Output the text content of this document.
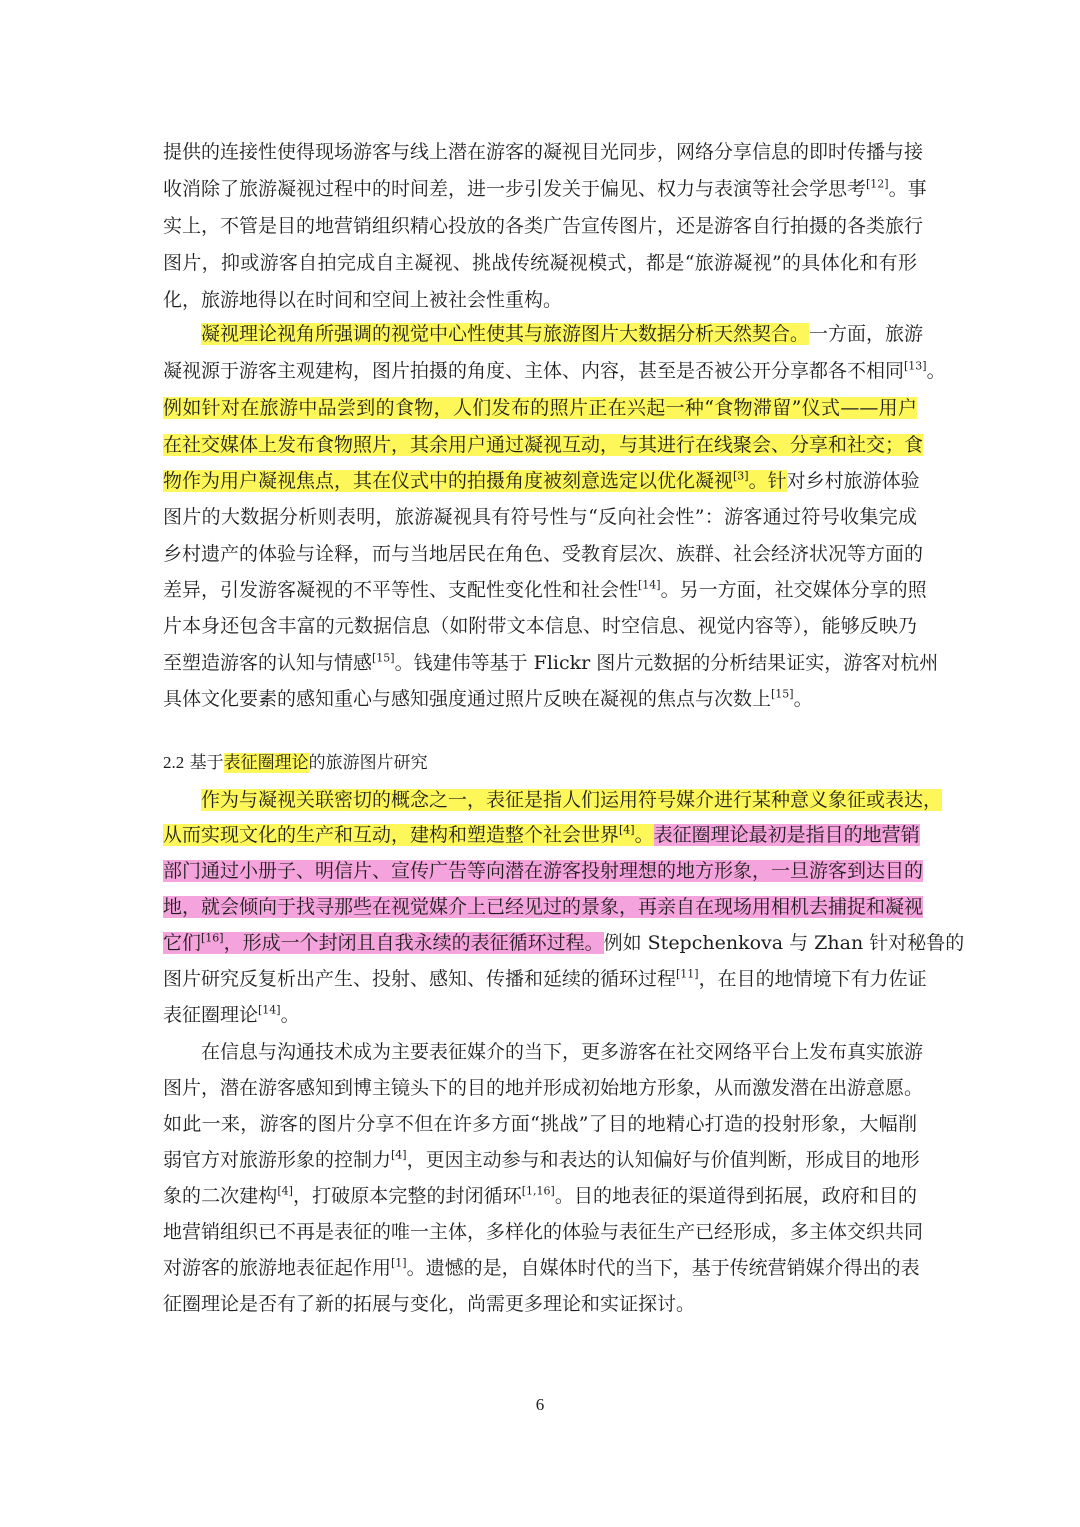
提供的连接性使得现场游客与线上潜在游客的凝视目光同步，网络分享信息的即时传播与接
收消除了旅游凝视过程中的时间差，进一步引发关于偏见、权力与表演等社会学思考[12]。事
实上，不管是目的地营销组织精心投放的各类广告宣传图片，还是游客自行拍摄的各类旅行
图片，抑或游客自拍完成自主凝视、挑战传统凝视模式，都是“旅游凝视”的具体化和有形
化，旅游地得以在时间和空间上被社会性重构。
凝视理论视角所强调的视觉中心性使其与旅游图片大数据分析天然契合。一方面，旅游
凝视源于游客主观建构，图片拍摄的角度、主体、内容，甚至是否被公开分享都各不相同[13]。
例如针对在旅游中品尝到的食物，人们发布的照片正在兴起一种“食物滞留”仪式——用户
在社交媒体上发布食物照片，其余用户通过凝视互动，与其进行在线聚会、分享和社交；食
物作为用户凝视焦点，其在仪式中的拍摄角度被刻意选定以优化凝视[3]。针对乡村旅游体验
图片的大数据分析则表明，旅游凝视具有符号性与“反向社会性”：游客通过符号收集完成
乡村遗产的体验与诠释，而与当地居民在角色、受教育层次、族群、社会经济状况等方面的
差异，引发游客凝视的不平等性、支配性变化性和社会性[14]。另一方面，社交媒体分享的照
片本身还包含丰富的元数据信息（如附带文本信息、时空信息、视觉内容等），能够反映乃
至塑造游客的认知与情感[15]。钱建伟等基于 Flickr 图片元数据的分析结果证实，游客对杭州
具体文化要素的感知重心与感知强度通过照片反映在凝视的焦点与次数上[15]。
2.2 基于表征圈理论的旅游图片研究
作为与凝视关联密切的概念之一，表征是指人们运用符号媒介进行某种意义象征或表达，
从而实现文化的生产和互动，建构和塑造整个社会世界[4]。表征圈理论最初是指目的地营销
部门通过小册子、明信片、宣传广告等向潜在游客投射理想的地方形象，一旦游客到达目的
地，就会倾向于找寻那些在视觉媒介上已经见过的景象，再亲自在现场用相机去捕捉和凝视
它们[16]，形成一个封闭且自我永续的表征循环过程。例如 Stepchenkova 与 Zhan 针对秘鲁的
图片研究反复析出产生、投射、感知、传播和延续的循环过程[11]，在目的地情境下有力佐证
表征圈理论[14]。
在信息与沟通技术成为主要表征媒介的当下，更多游客在社交网络平台上发布真实旅游
图片，潜在游客感知到博主镜头下的目的地并形成初始地方形象，从而激发潜在出游意愿。
如此一来，游客的图片分享不但在许多方面“挑战”了目的地精心打造的投射形象，大幅削
弱官方对旅游形象的控制力[4]，更因主动参与和表达的认知偏好与价值判断，形成目的地形
象的二次建构[4]，打破原本完整的封闭循环[1,16]。目的地表征的渠道得到拓展，政府和目的
地营销组织已不再是表征的唯一主体，多样化的体验与表征生产已经形成，多主体交织共同
对游客的旅游地表征起作用[1]。遗憾的是，自媒体时代的当下，基于传统营销媒介得出的表
征圈理论是否有了新的拓展与变化，尚需更多理论和实证探讨。
6
